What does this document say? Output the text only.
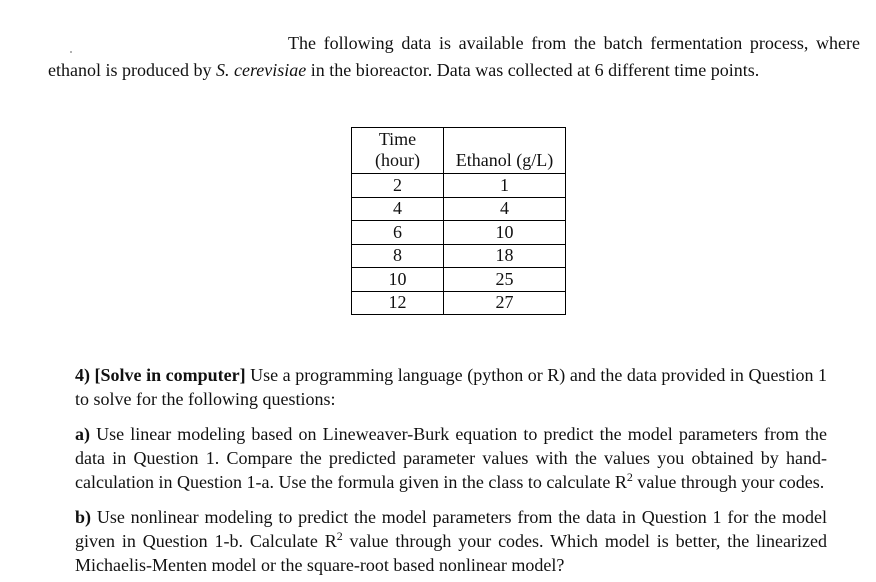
The following data is available from the batch fermentation process, where ethanol is produced by S. cerevisiae in the bioreactor. Data was collected at 6 different time points.

Time (hour)	Ethanol (g/L)
2	1
4	4
6	10
8	18
10	25
12	27

4) [Solve in computer] Use a programming language (python or R) and the data provided in Question 1 to solve for the following questions:

a) Use linear modeling based on Lineweaver-Burk equation to predict the model parameters from the data in Question 1. Compare the predicted parameter values with the values you obtained by hand-calculation in Question 1-a. Use the formula given in the class to calculate $R^2$ value through your codes.

b) Use nonlinear modeling to predict the model parameters from the data in Question 1 for the model given in Question 1-b. Calculate $R^2$ value through your codes. Which model is better, the linearized Michaelis-Menten model or the square-root based nonlinear model?
